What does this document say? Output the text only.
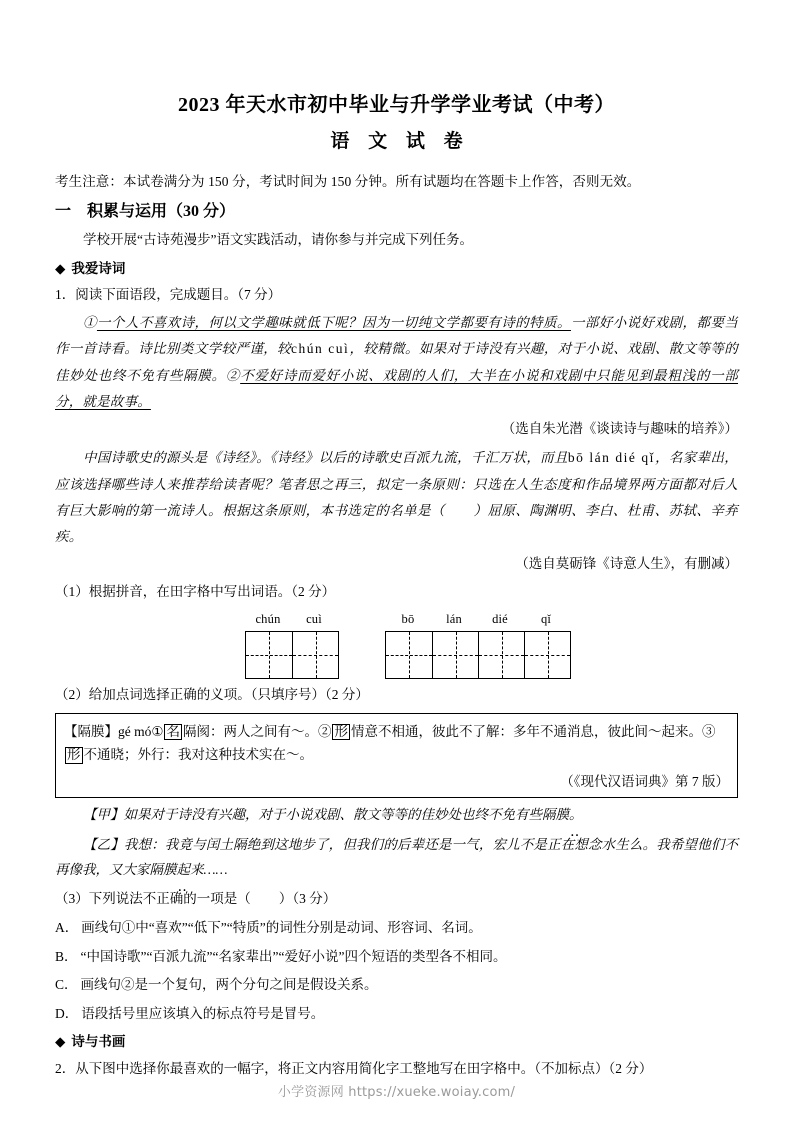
2023 年天水市初中毕业与升学学业考试（中考）
语 文 试 卷

考生注意：本试卷满分为 150 分，考试时间为 150 分钟。所有试题均在答题卡上作答，否则无效。

一 积累与运用（30 分）

学校开展“古诗苑漫步”语文实践活动，请你参与并完成下列任务。

◆ 我爱诗词

1．阅读下面语段，完成题目。（7 分）

①一个人不喜欢诗，何以文学趣味就低下呢？因为一切纯文学都要有诗的特质。一部好小说好戏剧，都要当作一首诗看。诗比别类文学较严谨，较chún cuì，较精微。如果对于诗没有兴趣，对于小说、戏剧、散文等等的佳妙处也终不免有些隔膜。②不爱好诗而爱好小说、戏剧的人们，大半在小说和戏剧中只能见到最粗浅的一部分，就是故事。

（选自朱光潜《谈读诗与趣味的培养》）

中国诗歌史的源头是《诗经》。《诗经》以后的诗歌史百派九流，千汇万状，而且bō lán dié qǐ，名家辈出，应该选择哪些诗人来推荐给读者呢？笔者思之再三，拟定一条原则：只选在人生态度和作品境界两方面都对后人有巨大影响的第一流诗人。根据这条原则，本书选定的名单是（ ）屈原、陶渊明、李白、杜甫、苏轼、辛弃疾。

（选自莫砺锋《诗意人生》，有删减）

（1）根据拼音，在田字格中写出词语。（2 分）

chún	cuì	bō	lán	dié	qǐ

（2）给加点词选择正确的义项。（只填序号）（2 分）

【隔膜】gé mó① 名 隔阂：两人之间有～。② 形 情意不相通，彼此不了解：多年不通消息，彼此间～起来。③形 不通晓；外行：我对这种技术实在～。
（《现代汉语词典》第 7 版）

【甲】如果对于诗没有兴趣，对于小说戏剧、散文等等的佳妙处也终不免有些隔膜 ‥。

【乙】我想：我竟与闰土隔绝到这地步了，但我们的后辈还是一气，宏儿不是正在想念水生么。我希望他们不再像我，又大家隔膜 ‥起来……

（3）下列说法不正确的一项是（ ）（3 分）

A． 画线句①中“喜欢”“低下”“特质”的词性分别是动词、形容词、名词。

B． “中国诗歌”“百派九流”“名家辈出”“爱好小说”四个短语的类型各不相同。

C． 画线句②是一个复句，两个分句之间是假设关系。

D． 语段括号里应该填入的标点符号是冒号。

◆ 诗与书画

2．从下图中选择你最喜欢的一幅字，将正文内容用简化字工整地写在田字格中。（不加标点）（2 分）

小学资源网 https://xueke.woiay.com/
